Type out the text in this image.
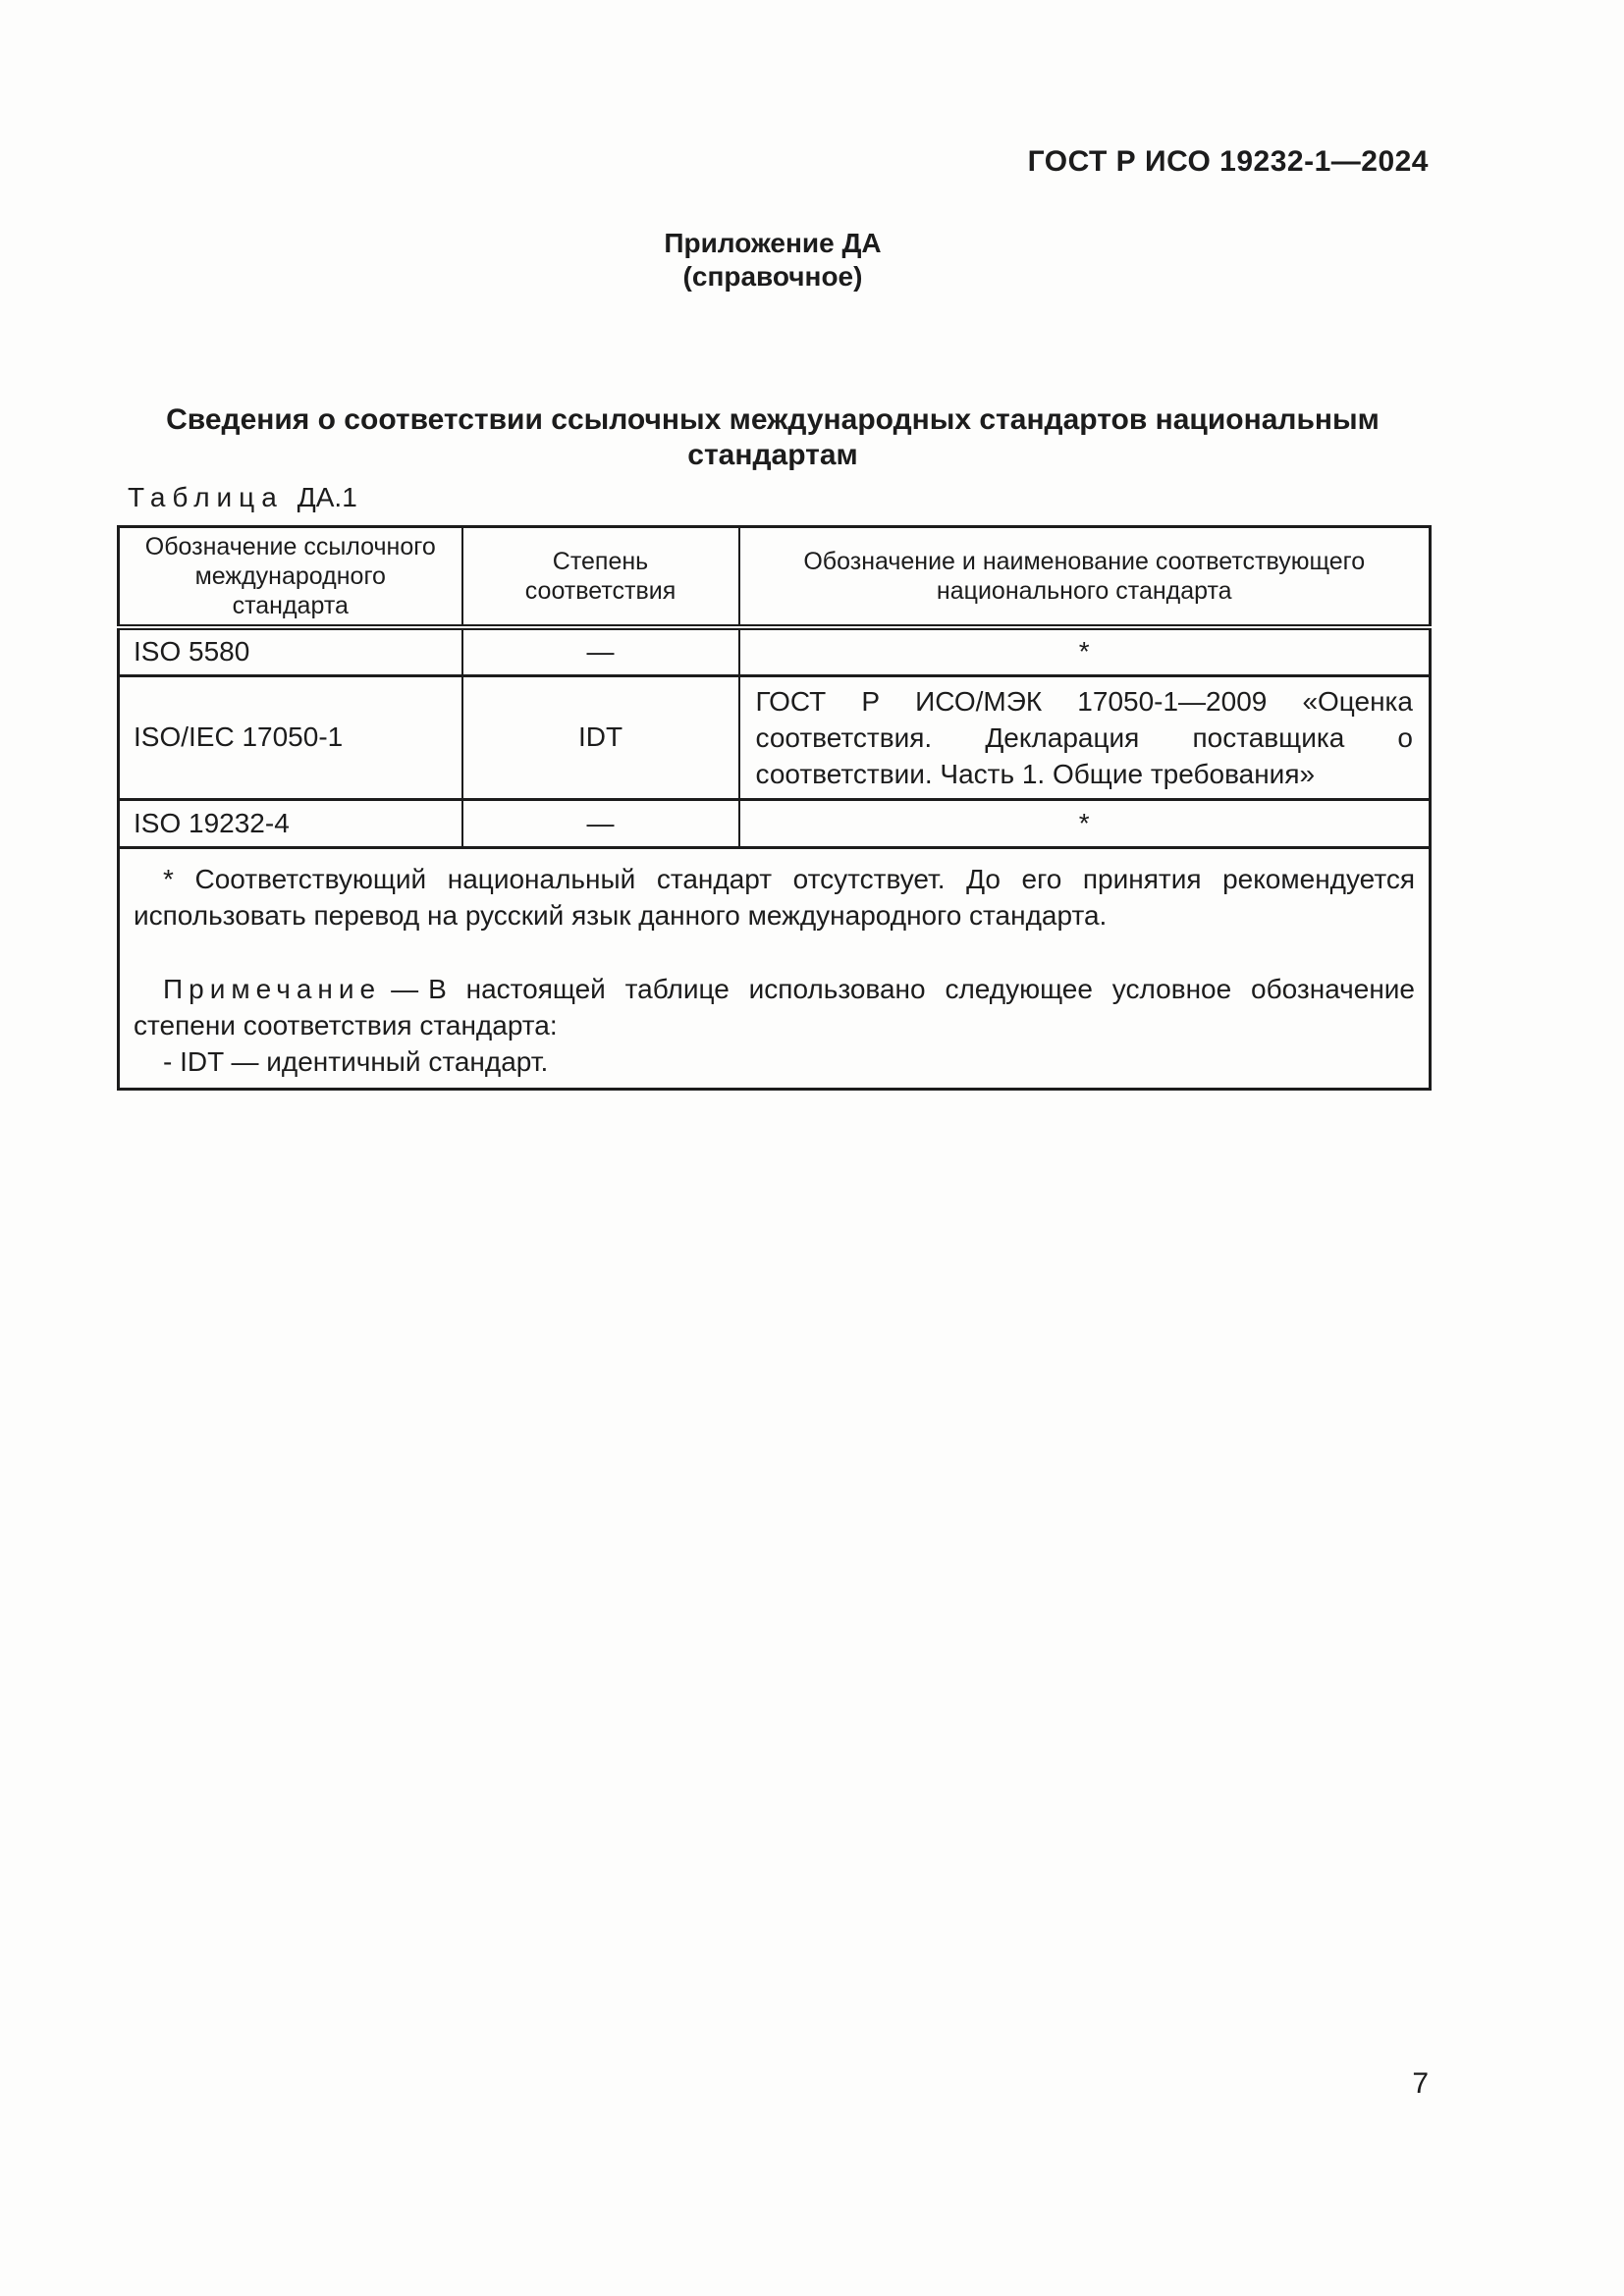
ГОСТ Р ИСО 19232-1—2024
Приложение ДА
(справочное)
Сведения о соответствии ссылочных международных стандартов национальным стандартам
Таблица ДА.1
Обозначение ссылочного международного стандарта	Степень соответствия	Обозначение и наименование соответствующего национального стандарта
ISO 5580	—	*
ISO/IEC 17050-1	IDT	ГОСТ Р ИСО/МЭК 17050-1—2009 «Оценка соответствия. Декларация поставщика о соответствии. Часть 1. Общие требования»
ISO 19232-4	—	*

* Соответствующий национальный стандарт отсутствует. До его принятия рекомендуется использовать перевод на русский язык данного международного стандарта.

Примечание — В настоящей таблице использовано следующее условное обозначение степени соответствия стандарта:

- IDT — идентичный стандарт.		

7
